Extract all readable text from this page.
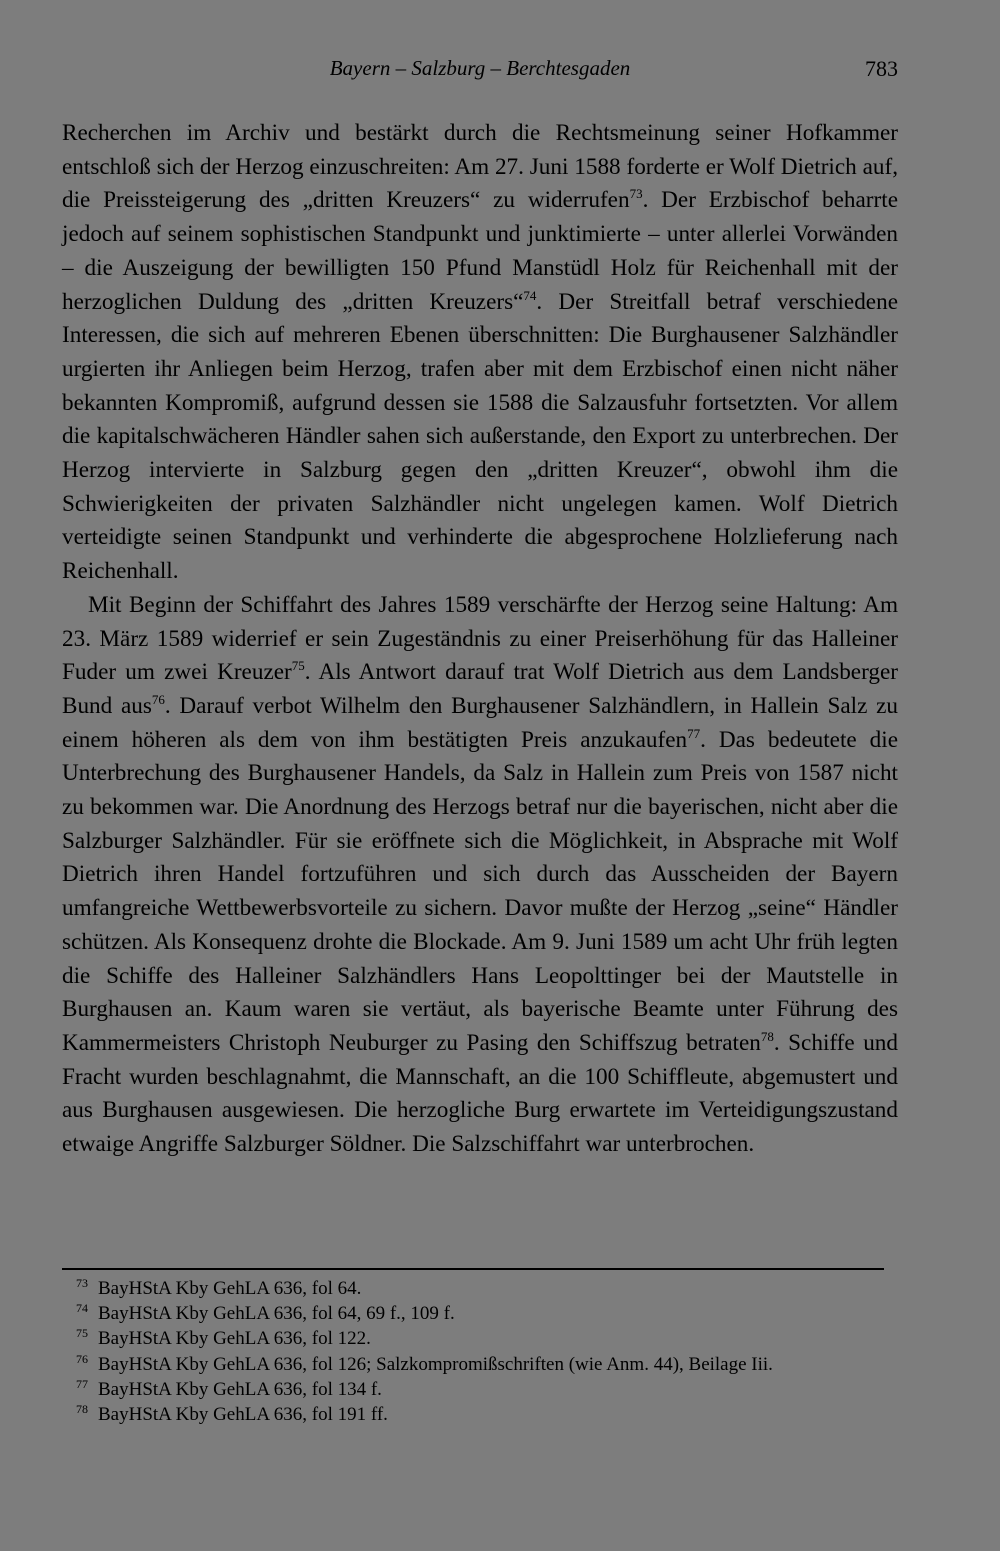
Bayern – Salzburg – Berchtesgaden	783

Recherchen im Archiv und bestärkt durch die Rechtsmeinung seiner Hofkammer entschloß sich der Herzog einzuschreiten: Am 27. Juni 1588 forderte er Wolf Dietrich auf, die Preissteigerung des „dritten Kreuzers“ zu widerrufen$^{73}$. Der Erzbischof beharrte jedoch auf seinem sophistischen Standpunkt und junktimierte – unter allerlei Vorwänden – die Auszeigung der bewilligten 150 Pfund Manstüdl Holz für Reichenhall mit der herzoglichen Duldung des „dritten Kreuzers“$^{74}$. Der Streitfall betraf verschiedene Interessen, die sich auf mehreren Ebenen überschnitten: Die Burghausener Salzhändler urgierten ihr Anliegen beim Herzog, trafen aber mit dem Erzbischof einen nicht näher bekannten Kompromiß, aufgrund dessen sie 1588 die Salzausfuhr fortsetzten. Vor allem die kapitalschwächeren Händler sahen sich außerstande, den Export zu unterbrechen. Der Herzog intervierte in Salzburg gegen den „dritten Kreuzer“, obwohl ihm die Schwierigkeiten der privaten Salzhändler nicht ungelegen kamen. Wolf Dietrich verteidigte seinen Standpunkt und verhinderte die abgesprochene Holzlieferung nach Reichenhall.

Mit Beginn der Schiffahrt des Jahres 1589 verschärfte der Herzog seine Haltung: Am 23. März 1589 widerrief er sein Zugeständnis zu einer Preiserhöhung für das Halleiner Fuder um zwei Kreuzer$^{75}$. Als Antwort darauf trat Wolf Dietrich aus dem Landsberger Bund aus$^{76}$. Darauf verbot Wilhelm den Burghausener Salzhändlern, in Hallein Salz zu einem höheren als dem von ihm bestätigten Preis anzukaufen$^{77}$. Das bedeutete die Unterbrechung des Burghausener Handels, da Salz in Hallein zum Preis von 1587 nicht zu bekommen war. Die Anordnung des Herzogs betraf nur die bayerischen, nicht aber die Salzburger Salzhändler. Für sie eröffnete sich die Möglichkeit, in Absprache mit Wolf Dietrich ihren Handel fortzuführen und sich durch das Ausscheiden der Bayern umfangreiche Wettbewerbsvorteile zu sichern. Davor mußte der Herzog „seine“ Händler schützen. Als Konsequenz drohte die Blockade. Am 9. Juni 1589 um acht Uhr früh legten die Schiffe des Halleiner Salzhändlers Hans Leopolttinger bei der Mautstelle in Burghausen an. Kaum waren sie vertäut, als bayerische Beamte unter Führung des Kammermeisters Christoph Neuburger zu Pasing den Schiffszug betraten$^{78}$. Schiffe und Fracht wurden beschlagnahmt, die Mannschaft, an die 100 Schiffleute, abgemustert und aus Burghausen ausgewiesen. Die herzogliche Burg erwartete im Verteidigungszustand etwaige Angriffe Salzburger Söldner. Die Salzschiffahrt war unterbrochen.

73 BayHStA Kby GehLA 636, fol 64.

74 BayHStA Kby GehLA 636, fol 64, 69 f., 109 f.

75 BayHStA Kby GehLA 636, fol 122.

76 BayHStA Kby GehLA 636, fol 126; Salzkompromißschriften (wie Anm. 44), Beilage Iii.

77 BayHStA Kby GehLA 636, fol 134 f.

78 BayHStA Kby GehLA 636, fol 191 ff.
